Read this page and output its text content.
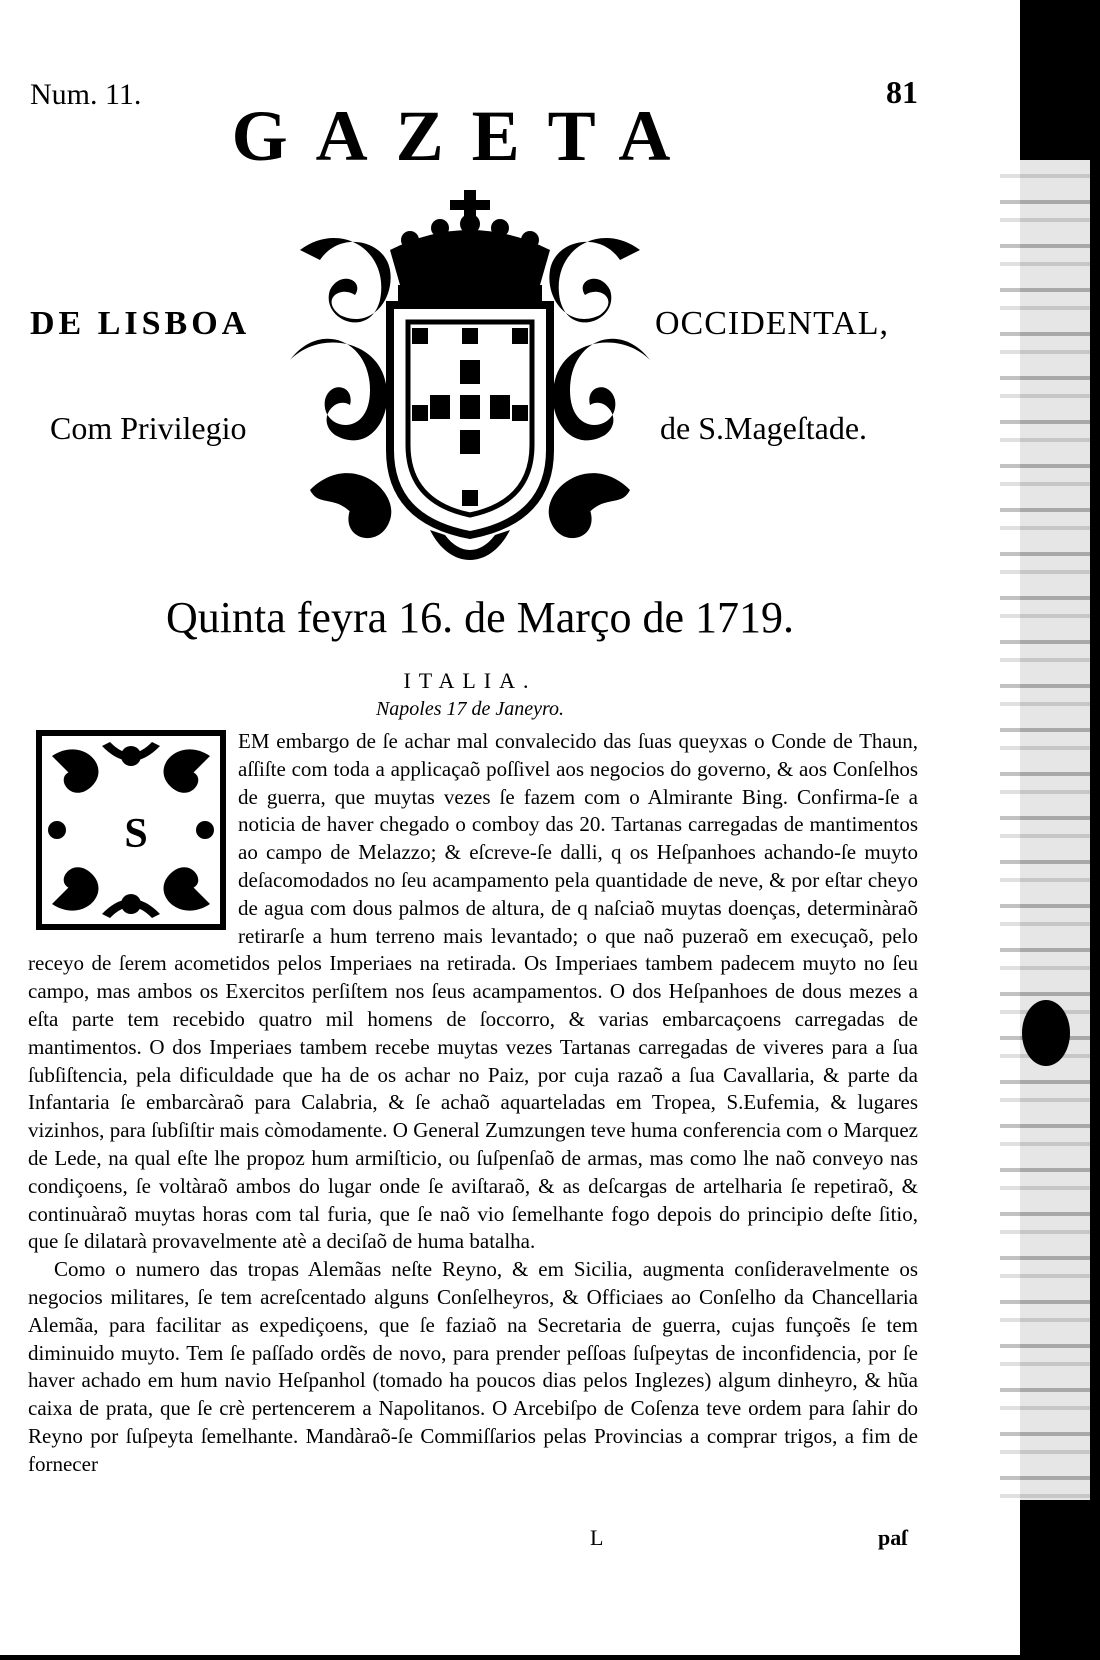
Num. 11.	81
GAZETA
DE LISBOA	OCCIDENTAL,
Com Privilegio	de S.Mageſtade.
Quinta feyra 16. de Março de 1719.
ITALIA.
Napoles 17 de Janeyro.

EM embargo de ſe achar mal convalecido das ſuas queyxas o Conde de Thaun, aſſiſte com toda a applicaçaõ poſſivel aos negocios do governo, & aos Conſelhos de guerra, que muytas vezes ſe fazem com o Almirante Bing. Confirma-ſe a noticia de haver chegado o comboy das 20. Tartanas carregadas de mantimentos ao campo de Melazzo; & eſcreve-ſe dalli, q os Heſpanhoes achando-ſe muyto deſacomodados no ſeu acampamento pela quantidade de neve, & por eſtar cheyo de agua com dous palmos de altura, de q naſciaõ muytas doenças, determinàraõ retirarſe a hum terreno mais levantado; o que naõ puzeraõ em execuçaõ, pelo receyo de ſerem acometidos pelos Imperiaes na retirada. Os Imperiaes tambem padecem muyto no ſeu campo, mas ambos os Exercitos perſiſtem nos ſeus acampamentos. O dos Heſpanhoes de dous mezes a eſta parte tem recebido quatro mil homens de ſoccorro, & varias embarcaçoens carregadas de mantimentos. O dos Imperiaes tambem recebe muytas vezes Tartanas carregadas de viveres para a ſua ſubſiſtencia, pela dificuldade que ha de os achar no Paiz, por cuja razaõ a ſua Cavallaria, & parte da Infantaria ſe embarcàraõ para Calabria, & ſe achaõ aquarteladas em Tropea, S.Eufemia, & lugares vizinhos, para ſubſiſtir mais còmodamente. O General Zumzungen teve huma conferencia com o Marquez de Lede, na qual eſte lhe propoz hum armiſticio, ou ſuſpenſaõ de armas, mas como lhe naõ conveyo nas condiçoens, ſe voltàraõ ambos do lugar onde ſe aviſtaraõ, & as deſcargas de artelharia ſe repetiraõ, & continuàraõ muytas horas com tal furia, que ſe naõ vio ſemelhante fogo depois do principio deſte ſitio, que ſe dilatarà provavelmente atè a deciſaõ de huma batalha.

Como o numero das tropas Alemãas neſte Reyno, & em Sicilia, augmenta conſideravelmente os negocios militares, ſe tem acreſcentado alguns Conſelheyros, & Officiaes ao Conſelho da Chancellaria Alemãa, para facilitar as expediçoens, que ſe faziaõ na Secretaria de guerra, cujas funçoẽs ſe tem diminuido muyto. Tem ſe paſſado ordẽs de novo, para prender peſſoas ſuſpeytas de inconfidencia, por ſe haver achado em hum navio Heſpanhol (tomado ha poucos dias pelos Inglezes) algum dinheyro, & hũa caixa de prata, que ſe crè pertencerem a Napolitanos. O Arcebiſpo de Coſenza teve ordem para ſahir do Reyno por ſuſpeyta ſemelhante. Mandàraõ-ſe Commiſſarios pelas Provincias a comprar trigos, a fim de fornecer

S
L	paſ
